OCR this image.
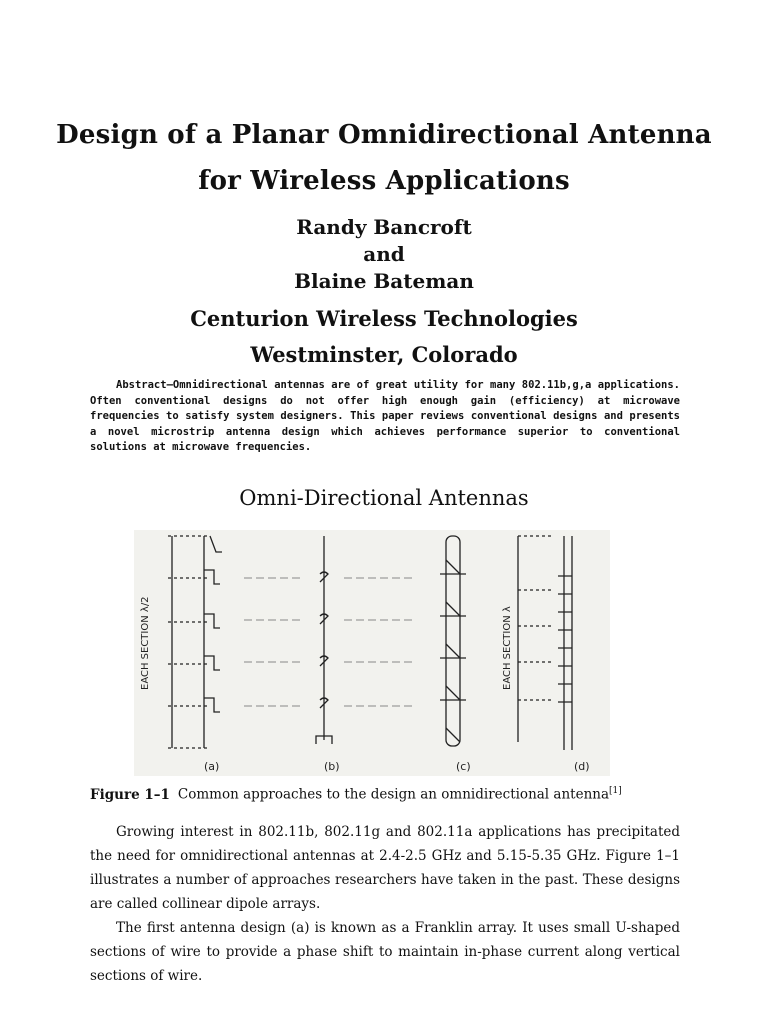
Design of a Planar Omnidirectional Antenna
for Wireless Applications
Randy Bancroft
and
Blaine Bateman
Centurion Wireless Technologies
Westminster, Colorado
Abstract—Omnidirectional antennas are of great utility for many 802.11b,g,a applications. Often conventional designs do not offer high enough gain (efficiency) at microwave frequencies to satisfy system designers. This paper reviews conventional designs and presents a novel microstrip antenna design which achieves performance superior to conventional solutions at microwave frequencies.
Omni-Directional Antennas
EACH SECTION λ/2	EACH SECTION λ
(a)	(b)	(c)	(d)
Figure 1–1 Common approaches to the design an omnidirectional antenna[1]

Growing interest in 802.11b, 802.11g and 802.11a applications has precipitated the need for omnidirectional antennas at 2.4-2.5 GHz and 5.15-5.35 GHz. Figure 1–1 illustrates a number of approaches researchers have taken in the past. These designs are called collinear dipole arrays.

The first antenna design (a) is known as a Franklin array. It uses small U-shaped sections of wire to provide a phase shift to maintain in-phase current along vertical sections of wire.
